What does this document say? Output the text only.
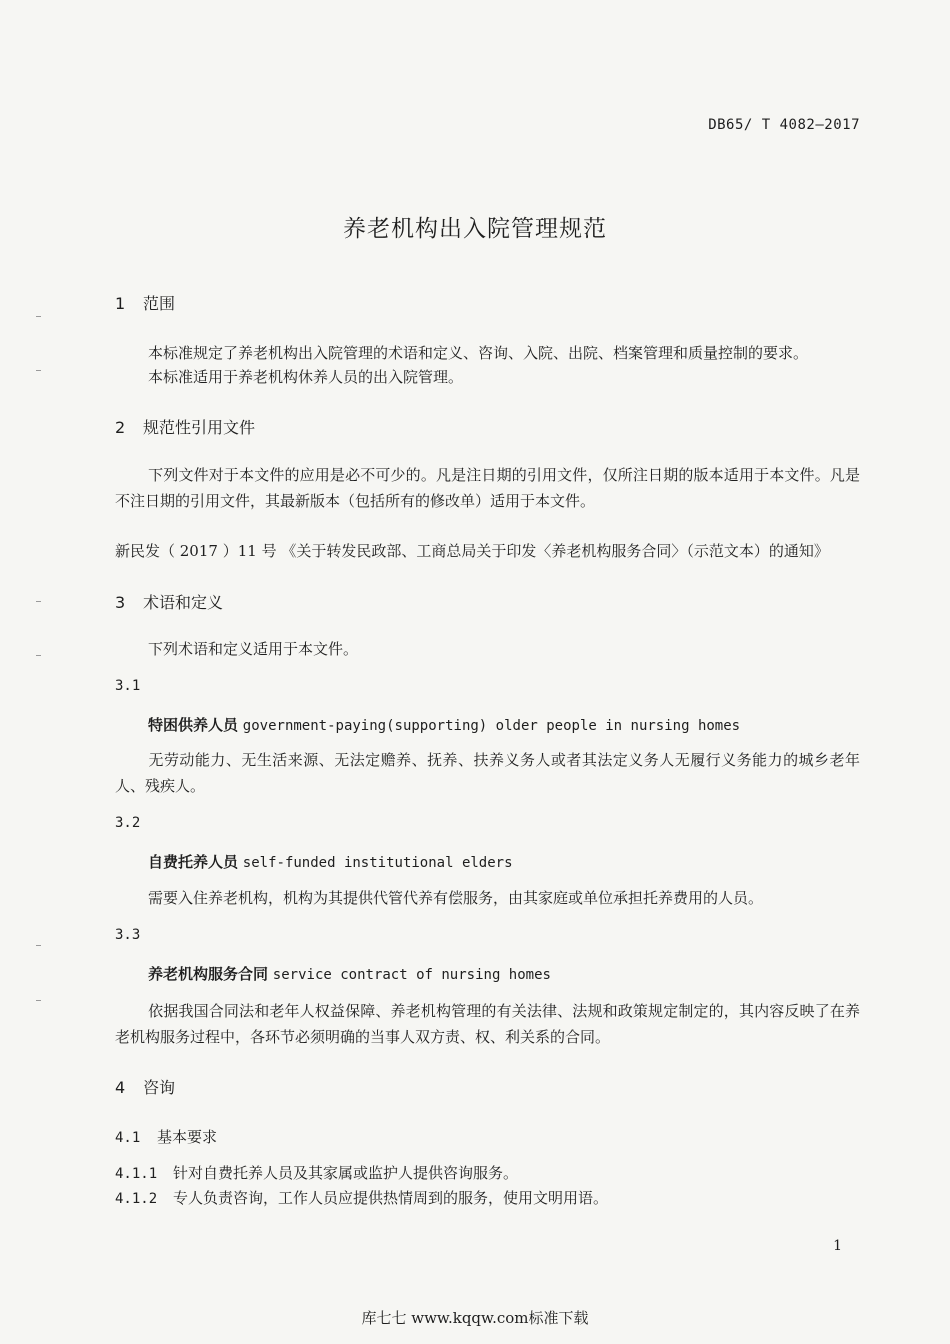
DB65/ T 4082—2017
养老机构出入院管理规范
1 范围
本标准规定了养老机构出入院管理的术语和定义、咨询、入院、出院、档案管理和质量控制的要求。
本标准适用于养老机构休养人员的出入院管理。
2 规范性引用文件
下列文件对于本文件的应用是必不可少的。凡是注日期的引用文件，仅所注日期的版本适用于本文件。凡是不注日期的引用文件，其最新版本（包括所有的修改单）适用于本文件。
新民发（ 2017 ）11 号 《关于转发民政部、工商总局关于印发〈养老机构服务合同〉（示范文本）的通知》
3 术语和定义
下列术语和定义适用于本文件。
3.1
特困供养人员 government-paying(supporting) older people in nursing homes
无劳动能力、无生活来源、无法定赡养、抚养、扶养义务人或者其法定义务人无履行义务能力的城乡老年人、残疾人。
3.2
自费托养人员 self-funded institutional elders
需要入住养老机构，机构为其提供代管代养有偿服务，由其家庭或单位承担托养费用的人员。
3.3
养老机构服务合同 service contract of nursing homes
依据我国合同法和老年人权益保障、养老机构管理的有关法律、法规和政策规定制定的，其内容反映了在养老机构服务过程中，各环节必须明确的当事人双方责、权、利关系的合同。
4 咨询
4.1 基本要求
4.1.1 针对自费托养人员及其家属或监护人提供咨询服务。
4.1.2 专人负责咨询，工作人员应提供热情周到的服务，使用文明用语。
1
库七七 www.kqqw.com标准下载
